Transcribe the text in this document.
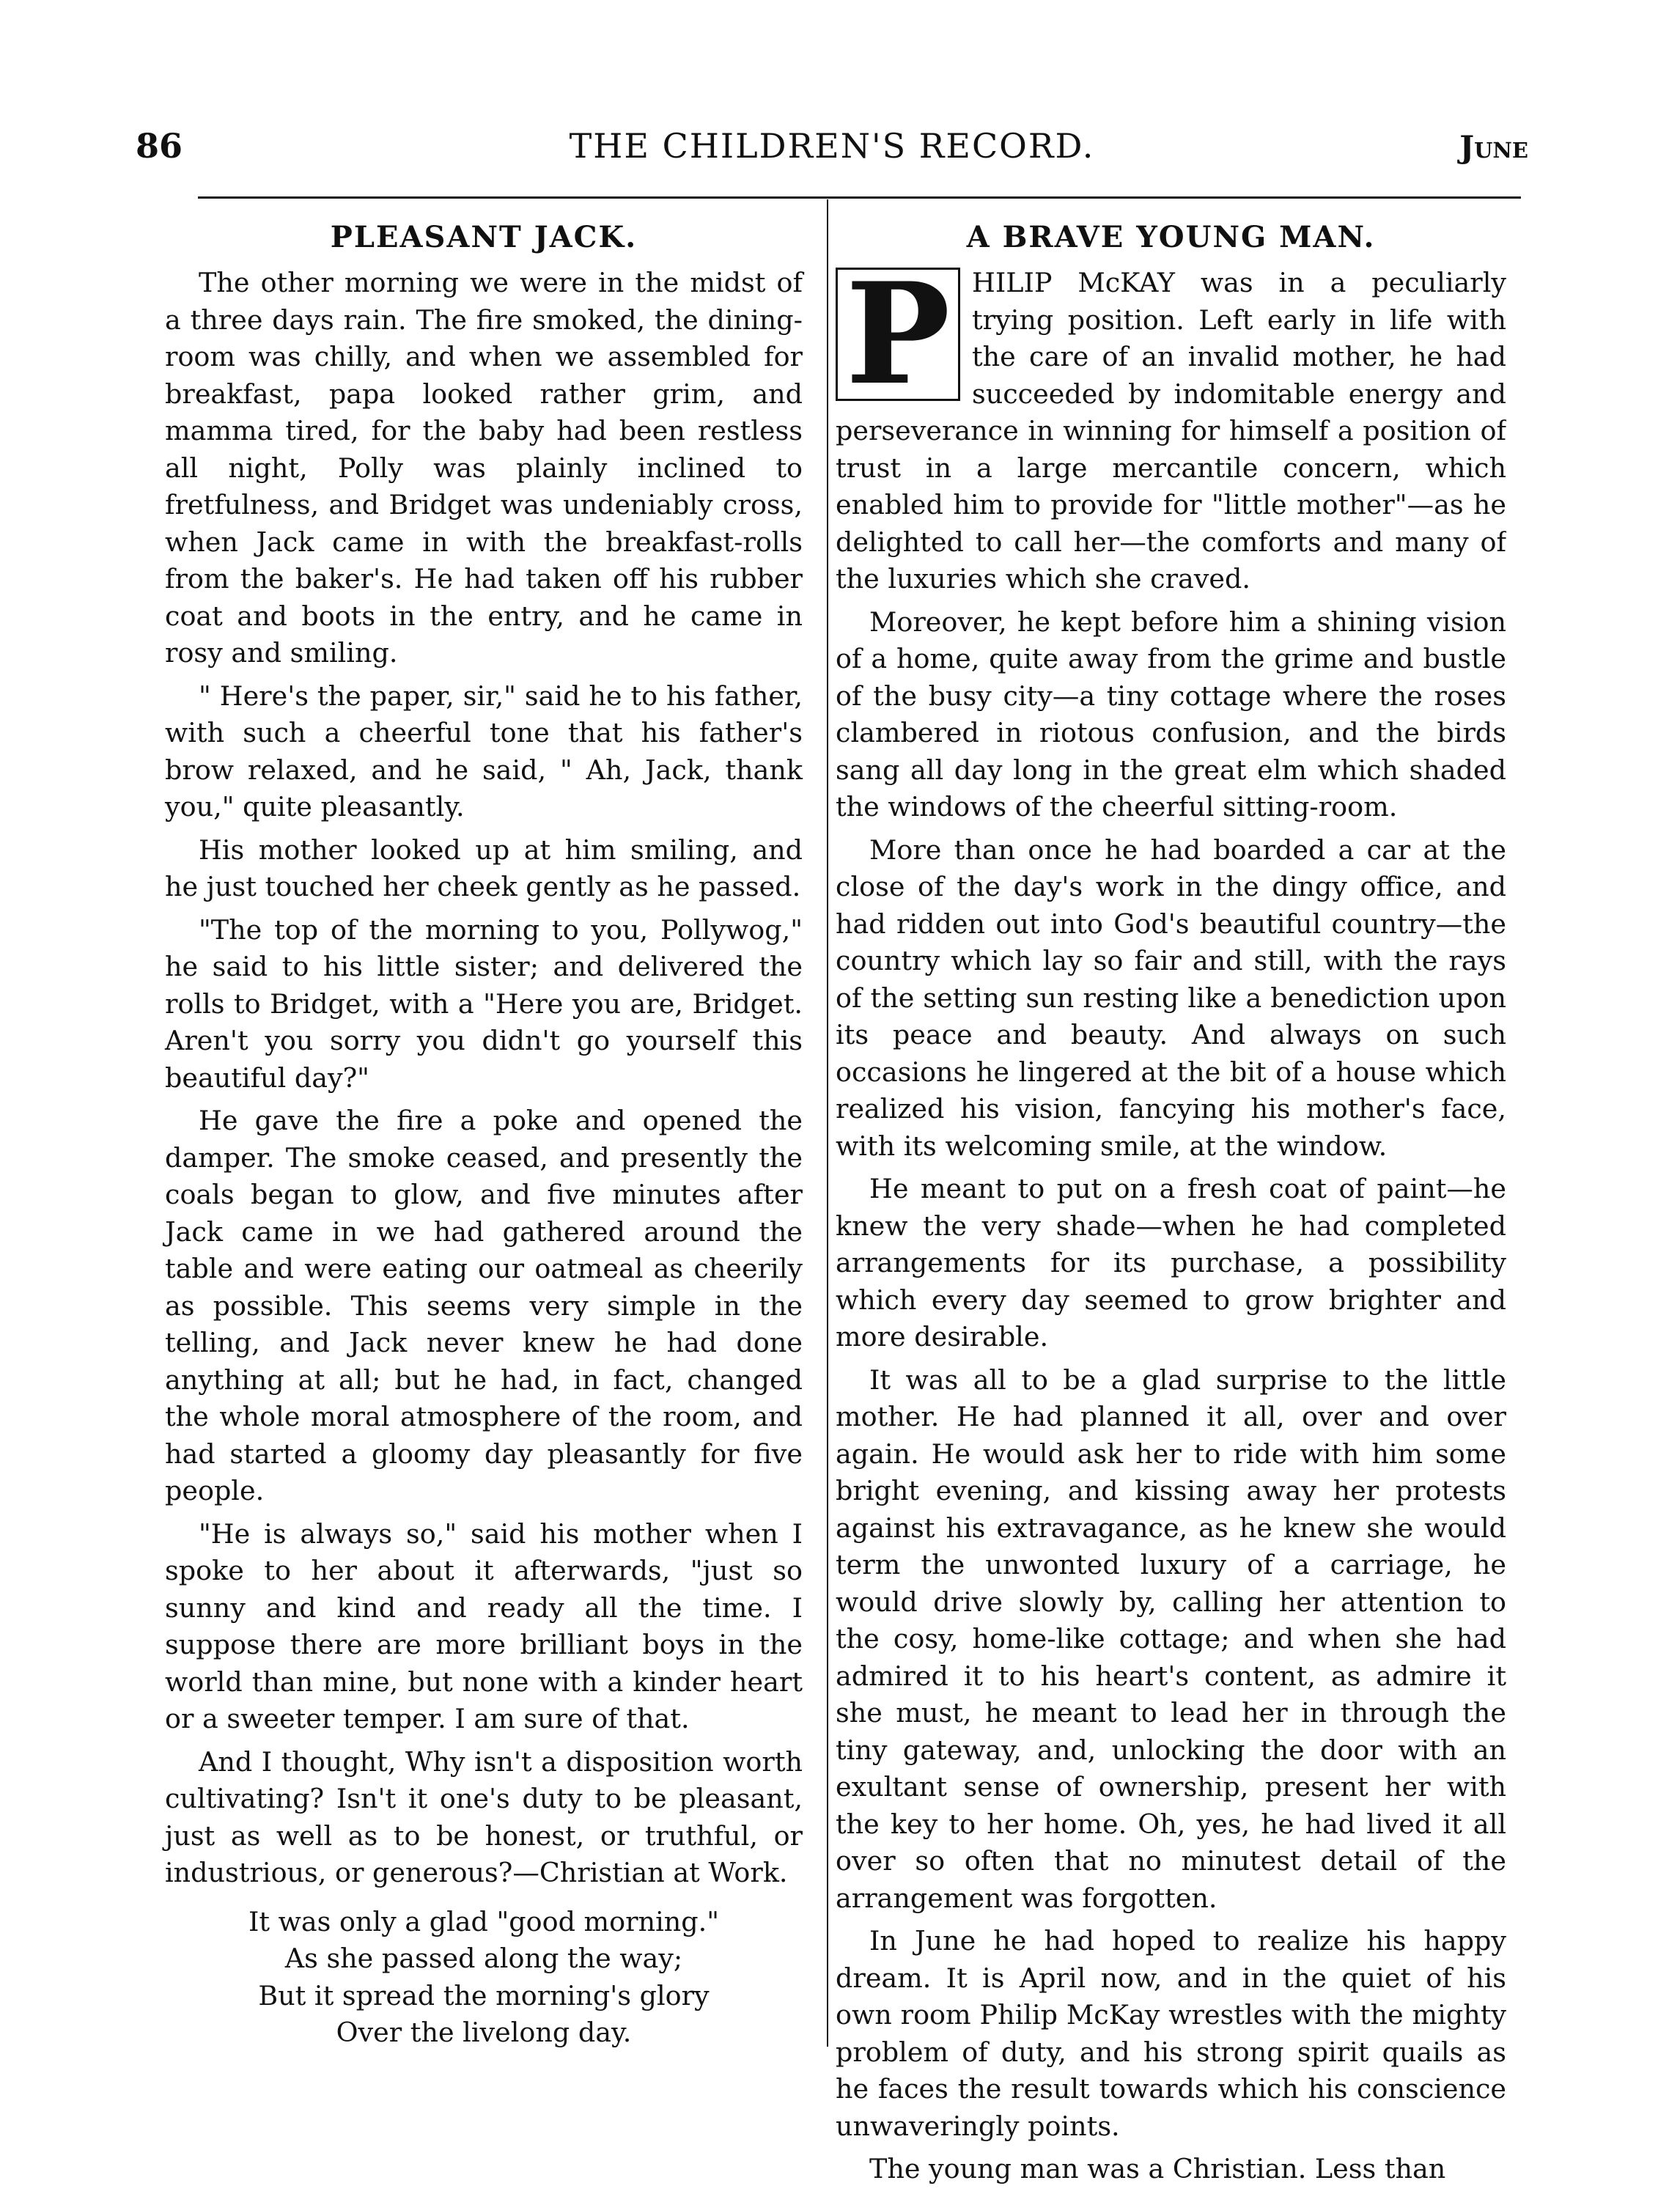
86	THE CHILDREN'S RECORD.	June
PLEASANT JACK.

The other morning we were in the midst of a three days rain. The fire smoked, the dining-room was chilly, and when we assembled for breakfast, papa looked rather grim, and mamma tired, for the baby had been restless all night, Polly was plainly inclined to fretfulness, and Bridget was undeniably cross, when Jack came in with the breakfast-rolls from the baker's. He had taken off his rubber coat and boots in the entry, and he came in rosy and smiling.

" Here's the paper, sir," said he to his father, with such a cheerful tone that his father's brow relaxed, and he said, " Ah, Jack, thank you," quite pleasantly.

His mother looked up at him smiling, and he just touched her cheek gently as he passed.

"The top of the morning to you, Pollywog," he said to his little sister; and delivered the rolls to Bridget, with a "Here you are, Bridget. Aren't you sorry you didn't go yourself this beautiful day?"

He gave the fire a poke and opened the damper. The smoke ceased, and presently the coals began to glow, and five minutes after Jack came in we had gathered around the table and were eating our oatmeal as cheerily as possible. This seems very simple in the telling, and Jack never knew he had done anything at all; but he had, in fact, changed the whole moral atmosphere of the room, and had started a gloomy day pleasantly for five people.

"He is always so," said his mother when I spoke to her about it afterwards, "just so sunny and kind and ready all the time. I suppose there are more brilliant boys in the world than mine, but none with a kinder heart or a sweeter temper. I am sure of that.

And I thought, Why isn't a disposition worth cultivating? Isn't it one's duty to be pleasant, just as well as to be honest, or truthful, or industrious, or generous?—Christian at Work.

It was only a glad "good morning."
As she passed along the way;
But it spread the morning's glory
Over the livelong day.
A BRAVE YOUNG MAN.
P HILIP McKAY was in a peculiarly trying position. Left early in life with the care of an invalid mother, he had succeeded by indomitable energy and perseverance in winning for himself a position of trust in a large mercantile concern, which enabled him to provide for "little mother"—as he delighted to call her—the comforts and many of the luxuries which she craved.

Moreover, he kept before him a shining vision of a home, quite away from the grime and bustle of the busy city—a tiny cottage where the roses clambered in riotous confusion, and the birds sang all day long in the great elm which shaded the windows of the cheerful sitting-room.

More than once he had boarded a car at the close of the day's work in the dingy office, and had ridden out into God's beautiful country—the country which lay so fair and still, with the rays of the setting sun resting like a benediction upon its peace and beauty. And always on such occasions he lingered at the bit of a house which realized his vision, fancying his mother's face, with its welcoming smile, at the window.

He meant to put on a fresh coat of paint—he knew the very shade—when he had completed arrangements for its purchase, a possibility which every day seemed to grow brighter and more desirable.

It was all to be a glad surprise to the little mother. He had planned it all, over and over again. He would ask her to ride with him some bright evening, and kissing away her protests against his extravagance, as he knew she would term the unwonted luxury of a carriage, he would drive slowly by, calling her attention to the cosy, home-like cottage; and when she had admired it to his heart's content, as admire it she must, he meant to lead her in through the tiny gateway, and, unlocking the door with an exultant sense of ownership, present her with the key to her home. Oh, yes, he had lived it all over so often that no minutest detail of the arrangement was forgotten.

In June he had hoped to realize his happy dream. It is April now, and in the quiet of his own room Philip McKay wrestles with the mighty problem of duty, and his strong spirit quails as he faces the result towards which his conscience unwaveringly points.

The young man was a Christian. Less than
